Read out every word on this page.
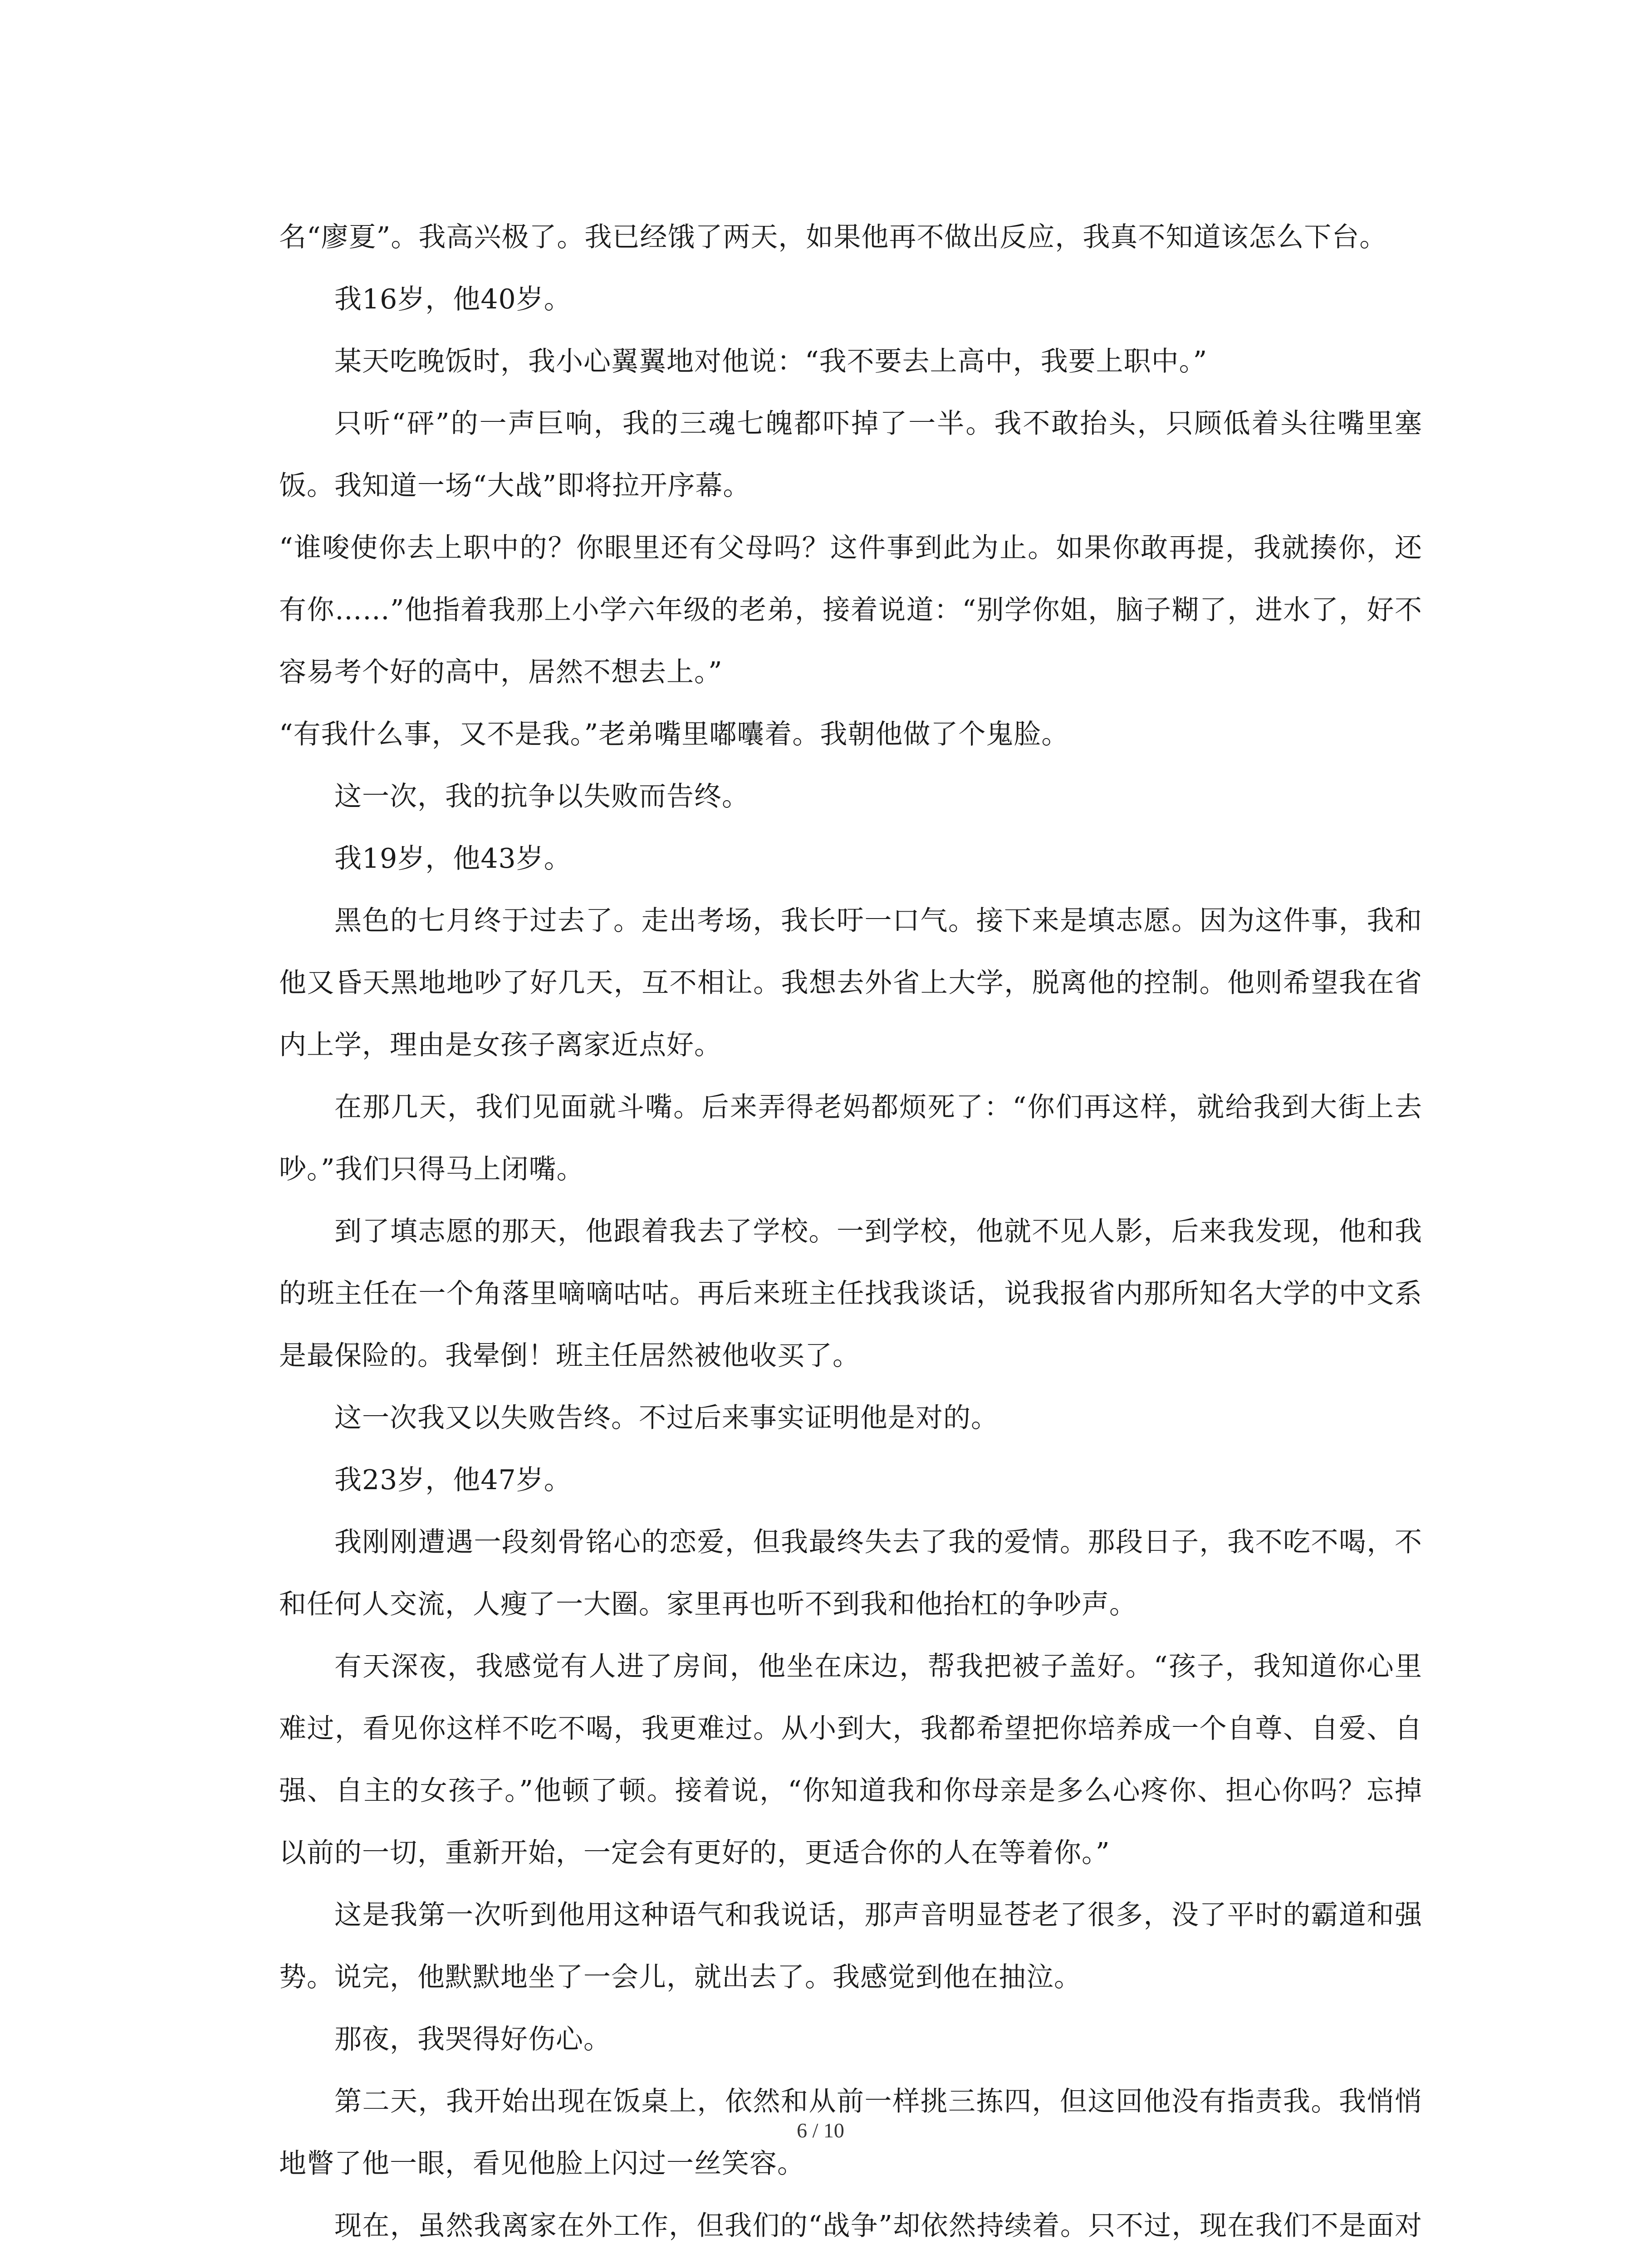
名“廖夏”。我高兴极了。我已经饿了两天，如果他再不做出反应，我真不知道该怎么下台。

我16岁，他40岁。

某天吃晚饭时，我小心翼翼地对他说：“我不要去上高中，我要上职中。”

只听“砰”的一声巨响，我的三魂七魄都吓掉了一半。我不敢抬头，只顾低着头往嘴里塞饭。我知道一场“大战”即将拉开序幕。

“谁唆使你去上职中的？你眼里还有父母吗？这件事到此为止。如果你敢再提，我就揍你，还有你……”他指着我那上小学六年级的老弟，接着说道：“别学你姐，脑子糊了，进水了，好不容易考个好的高中，居然不想去上。”

“有我什么事，又不是我。”老弟嘴里嘟囔着。我朝他做了个鬼脸。

这一次，我的抗争以失败而告终。

我19岁，他43岁。

黑色的七月终于过去了。走出考场，我长吁一口气。接下来是填志愿。因为这件事，我和他又昏天黑地地吵了好几天，互不相让。我想去外省上大学，脱离他的控制。他则希望我在省内上学，理由是女孩子离家近点好。

在那几天，我们见面就斗嘴。后来弄得老妈都烦死了：“你们再这样，就给我到大街上去吵。”我们只得马上闭嘴。

到了填志愿的那天，他跟着我去了学校。一到学校，他就不见人影，后来我发现，他和我的班主任在一个角落里嘀嘀咕咕。再后来班主任找我谈话，说我报省内那所知名大学的中文系是最保险的。我晕倒！班主任居然被他收买了。

这一次我又以失败告终。不过后来事实证明他是对的。

我23岁，他47岁。

我刚刚遭遇一段刻骨铭心的恋爱，但我最终失去了我的爱情。那段日子，我不吃不喝，不和任何人交流，人瘦了一大圈。家里再也听不到我和他抬杠的争吵声。

有天深夜，我感觉有人进了房间，他坐在床边，帮我把被子盖好。“孩子，我知道你心里难过，看见你这样不吃不喝，我更难过。从小到大，我都希望把你培养成一个自尊、自爱、自强、自主的女孩子。”他顿了顿。接着说，“你知道我和你母亲是多么心疼你、担心你吗？忘掉以前的一切，重新开始，一定会有更好的，更适合你的人在等着你。”

这是我第一次听到他用这种语气和我说话，那声音明显苍老了很多，没了平时的霸道和强势。说完，他默默地坐了一会儿，就出去了。我感觉到他在抽泣。

那夜，我哭得好伤心。

第二天，我开始出现在饭桌上，依然和从前一样挑三拣四，但这回他没有指责我。我悄悄地瞥了他一眼，看见他脸上闪过一丝笑容。

现在，虽然我离家在外工作，但我们的“战争”却依然持续着。只不过，现在我们不是面对

6 / 10
